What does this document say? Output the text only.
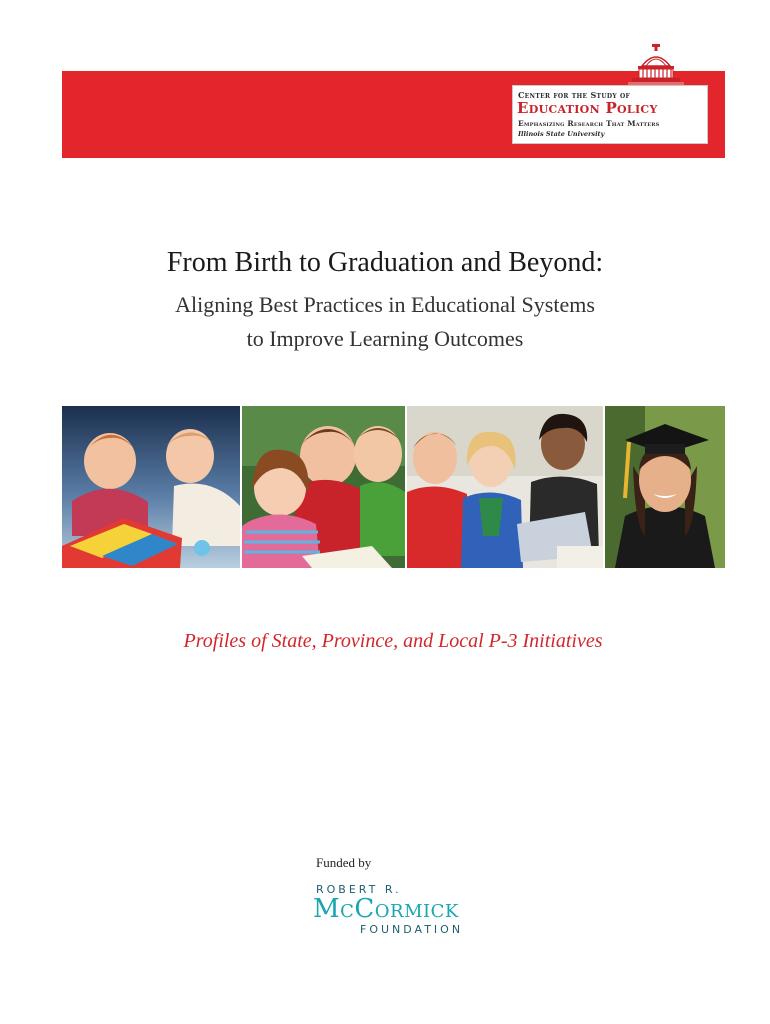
Center for the Study of
Education Policy
Emphasizing Research That Matters
Illinois State University
From Birth to Graduation and Beyond:
Aligning Best Practices in Educational Systems
to Improve Learning Outcomes
Profiles of State, Province, and Local P-3 Initiatives
Funded by
ROBERT R.
McCormick
FOUNDATION
